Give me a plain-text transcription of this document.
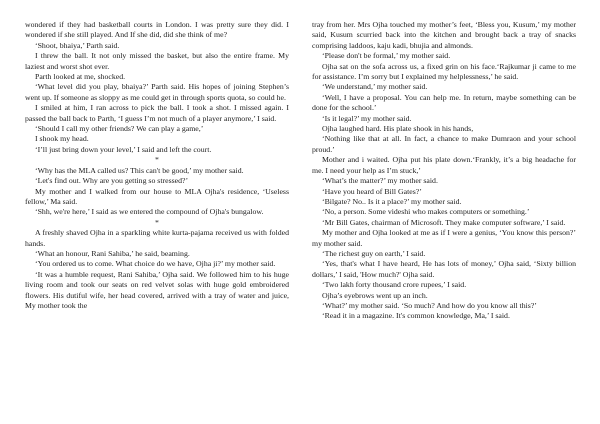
wondered if they had basketball courts in London. I was pretty sure they did. I wondered if she still played. And If she did, did she think of me?

‘Shoot, bhaiya,’ Parth said.

I threw the ball. It not only missed the basket, but also the entire frame. My laziest and worst shot ever.

Parth looked at me, shocked.

‘What level did you play, bhaiya?’ Parth said. His hopes of joining Stephen’s went up. If someone as sloppy as me could get in through sports quota, so could he.

I smiled at him, I ran across to pick the ball. I took a shot. I missed again. I passed the ball back to Parth, ‘I guess I’m not much of a player anymore,’ I said.

‘Should I call my other friends? We can play a game,’

I shook my head.

‘I’ll just bring down your level,’ I said and left the court.

*

‘Why has the MLA called us? This can't be good,’ my mother said.

‘Let's find out. Why are you getting so stressed?’

My mother and I walked from our house to MLA Ojha's residence, ‘Useless fellow,’ Ma said.

‘Shh, we're here,’ I said as we entered the compound of Ojha's bungalow.

*

A freshly shaved Ojha in a sparkling white kurta-pajama received us with folded hands.

‘What an honour, Rani Sahiba,’ he said, beaming.

‘You ordered us to come. What choice do we have, Ojha ji?’ my mother said.

‘It was a humble request, Rani Sahiba,’ Ojha said. We followed him to his huge living room and took our seats on red velvet solas with huge gold embroidered flowers. His dutiful wife, her head covered, arrived with a tray of water and juice, My mother took the

tray from her. Mrs Ojha touched my mother’s feet, ‘Bless you, Kusum,’ my mother said, Kusum scurried back into the kitchen and brought back a tray of snacks comprising laddoos, kaju kadi, bhujia and almonds.

‘Please don't be formal,’ my mother said.

Ojha sat on the sofa across us, a fixed grin on his face.‘Rajkumar ji came to me for assistance. I’m sorry but I explained my helplessness,’ he said.

‘We understand,’ my mother said.

‘Well, I have a proposal. You can help me. In return, maybe something can be done for the school.’

‘Is it legal?’ my mother said.

Ojha laughed hard. His plate shook in his hands,

‘Nothing like that at all. In fact, a chance to make Dumraon and your school proud.’

Mother and i waited. Ojha put his plate down.‘Frankly, it’s a big headache for me. I need your help as I’m stuck,’

‘What’s the matter?’ my mother said.

‘Have you heard of Bill Gates?’

‘Bilgate? No.. Is it a place?’ my mother said.

‘No, a person. Some videshi who makes computers or something.’

‘Mr Bill Gates, chairman of Microsoft. They make computer software,’ I said.

My mother and Ojha looked at me as if I were a genius, ‘You know this person?’ my mother said.

‘The richest guy on earth,’ I said.

‘Yes, that's what I have heard, He has lots of money,’ Ojha said, ‘Sixty billion dollars,’ I said, 'How much?' Ojha said.

‘Two lakh forty thousand crore rupees,’ I said.

Ojha’s eyebrows went up an inch.

‘What?’ my mother said. ‘So much? And how do you know all this?’

‘Read it in a magazine. It's common knowledge, Ma,’ I said.
